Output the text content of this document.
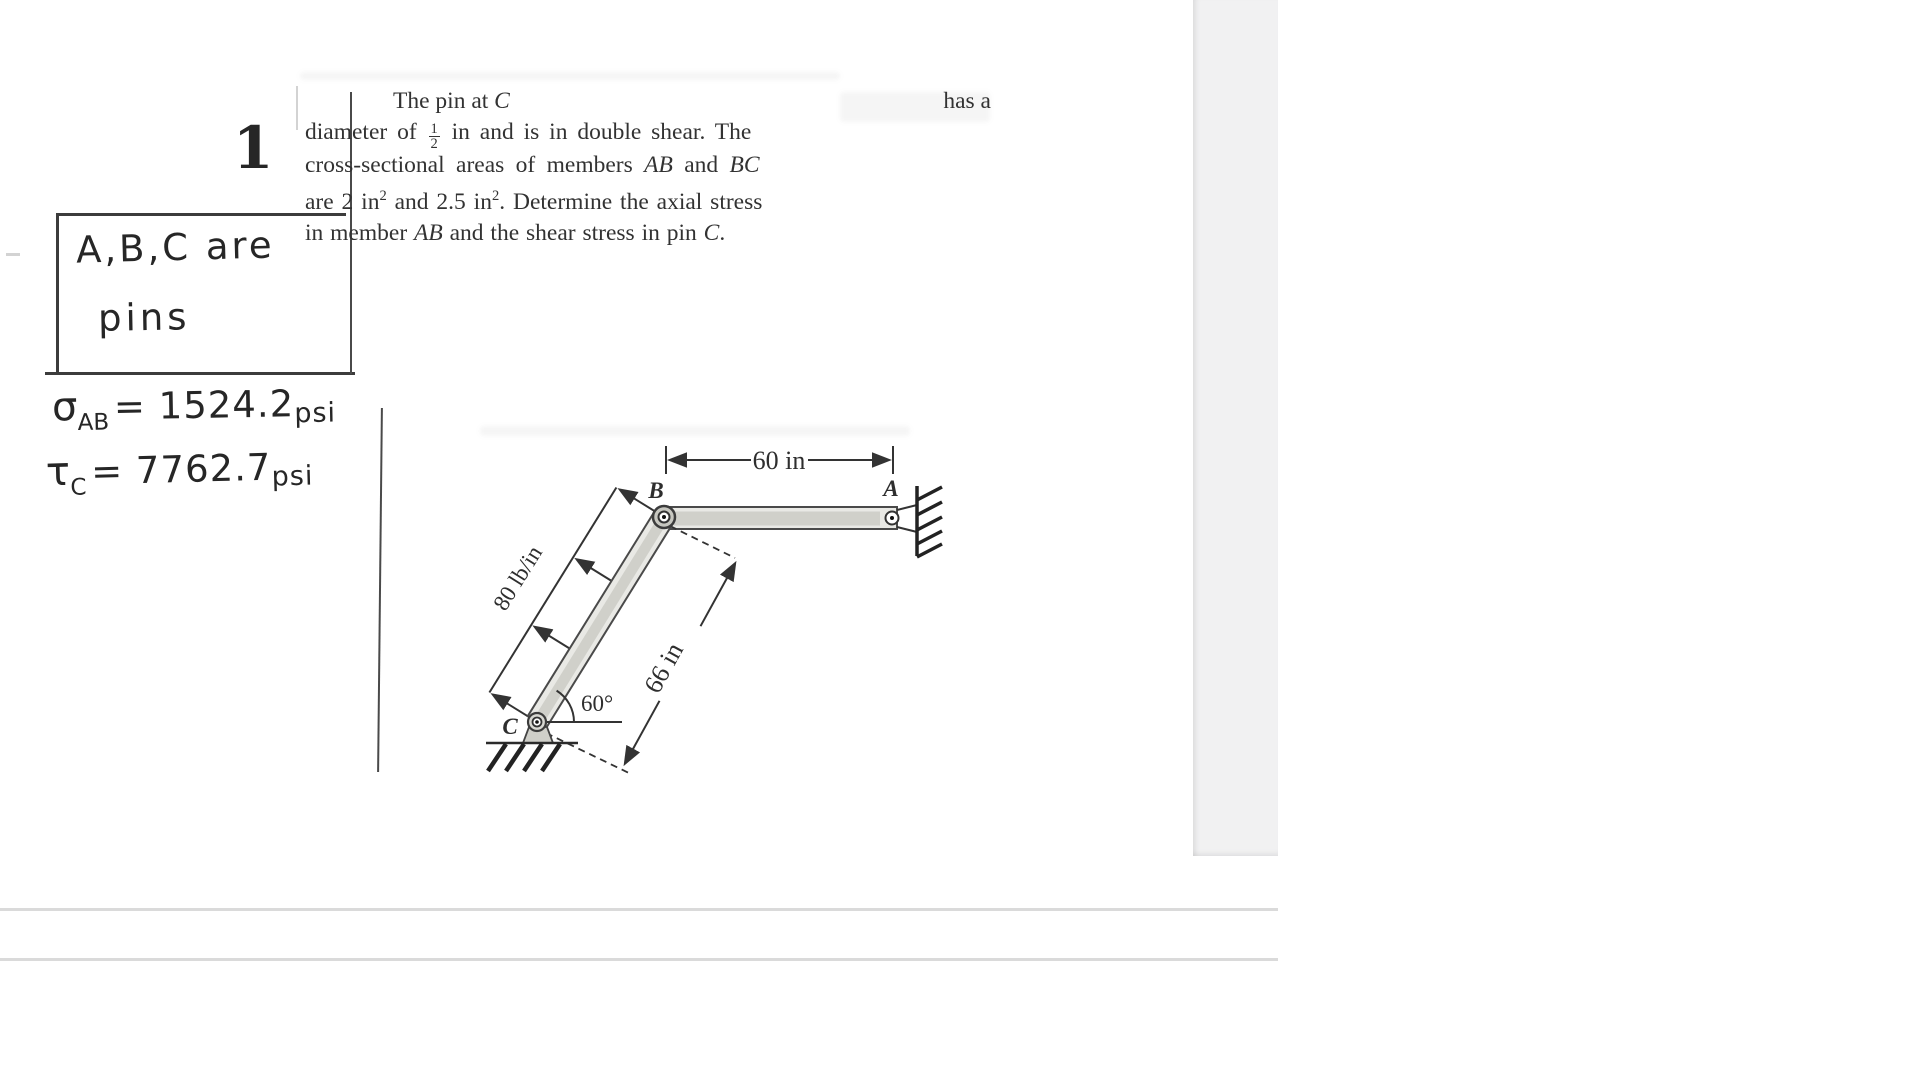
1
A,B,C are
pins
σAB = 1524.2psi
τC = 7762.7psi
The pin at C	has a
diameter of $\frac{1}{2}$ in and is in double shear. The
cross-sectional areas of members AB and BC
are 2 $in^2$ and 2.5 $in^2$. Determine the axial stress
in member AB and the shear stress in pin C.
60 in
80 lb/in
60°
66 in
B	A
C
